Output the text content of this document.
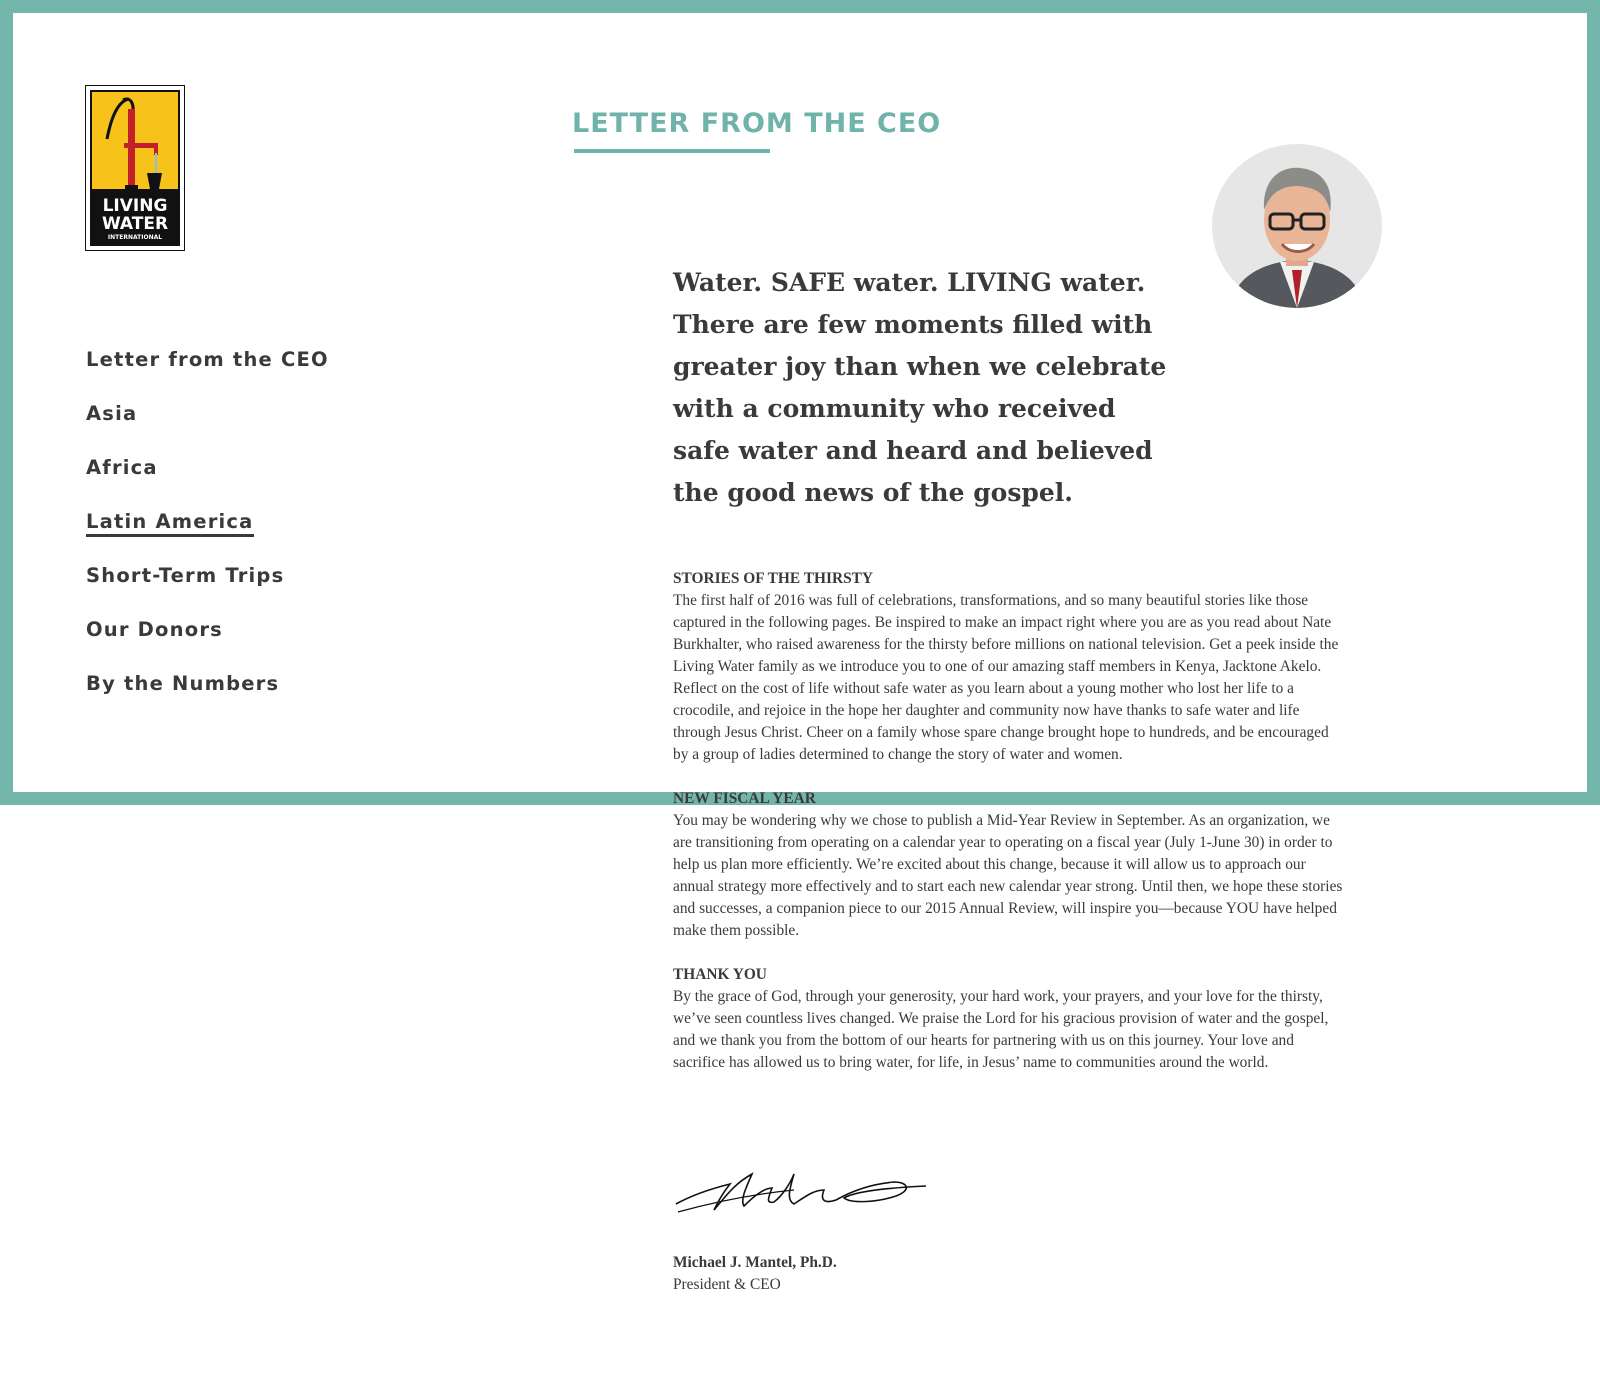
LIVING
WATER
INTERNATIONAL
Letter from the CEO
Asia
Africa
Latin America
Short-Term Trips
Our Donors
By the Numbers
LETTER FROM THE CEO
Water. SAFE water. LIVING water. There are few moments filled with greater joy than when we celebrate with a community who received safe water and heard and believed the good news of the gospel.
STORIES OF THE THIRSTY
The first half of 2016 was full of celebrations, transformations, and so many beautiful stories like those captured in the following pages. Be inspired to make an impact right where you are as you read about Nate Burkhalter, who raised awareness for the thirsty before millions on national television. Get a peek inside the Living Water family as we introduce you to one of our amazing staff members in Kenya, Jacktone Akelo. Reflect on the cost of life without safe water as you learn about a young mother who lost her life to a crocodile, and rejoice in the hope her daughter and community now have thanks to safe water and life through Jesus Christ. Cheer on a family whose spare change brought hope to hundreds, and be encouraged by a group of ladies determined to change the story of water and women.
NEW FISCAL YEAR
You may be wondering why we chose to publish a Mid-Year Review in September. As an organization, we are transitioning from operating on a calendar year to operating on a fiscal year (July 1-June 30) in order to help us plan more efficiently. We’re excited about this change, because it will allow us to approach our annual strategy more effectively and to start each new calendar year strong. Until then, we hope these stories and successes, a companion piece to our 2015 Annual Review, will inspire you—because YOU have helped make them possible.
THANK YOU
By the grace of God, through your generosity, your hard work, your prayers, and your love for the thirsty, we’ve seen countless lives changed. We praise the Lord for his gracious provision of water and the gospel, and we thank you from the bottom of our hearts for partnering with us on this journey. Your love and sacrifice has allowed us to bring water, for life, in Jesus’ name to communities around the world.
Michael J. Mantel, Ph.D.
President & CEO
